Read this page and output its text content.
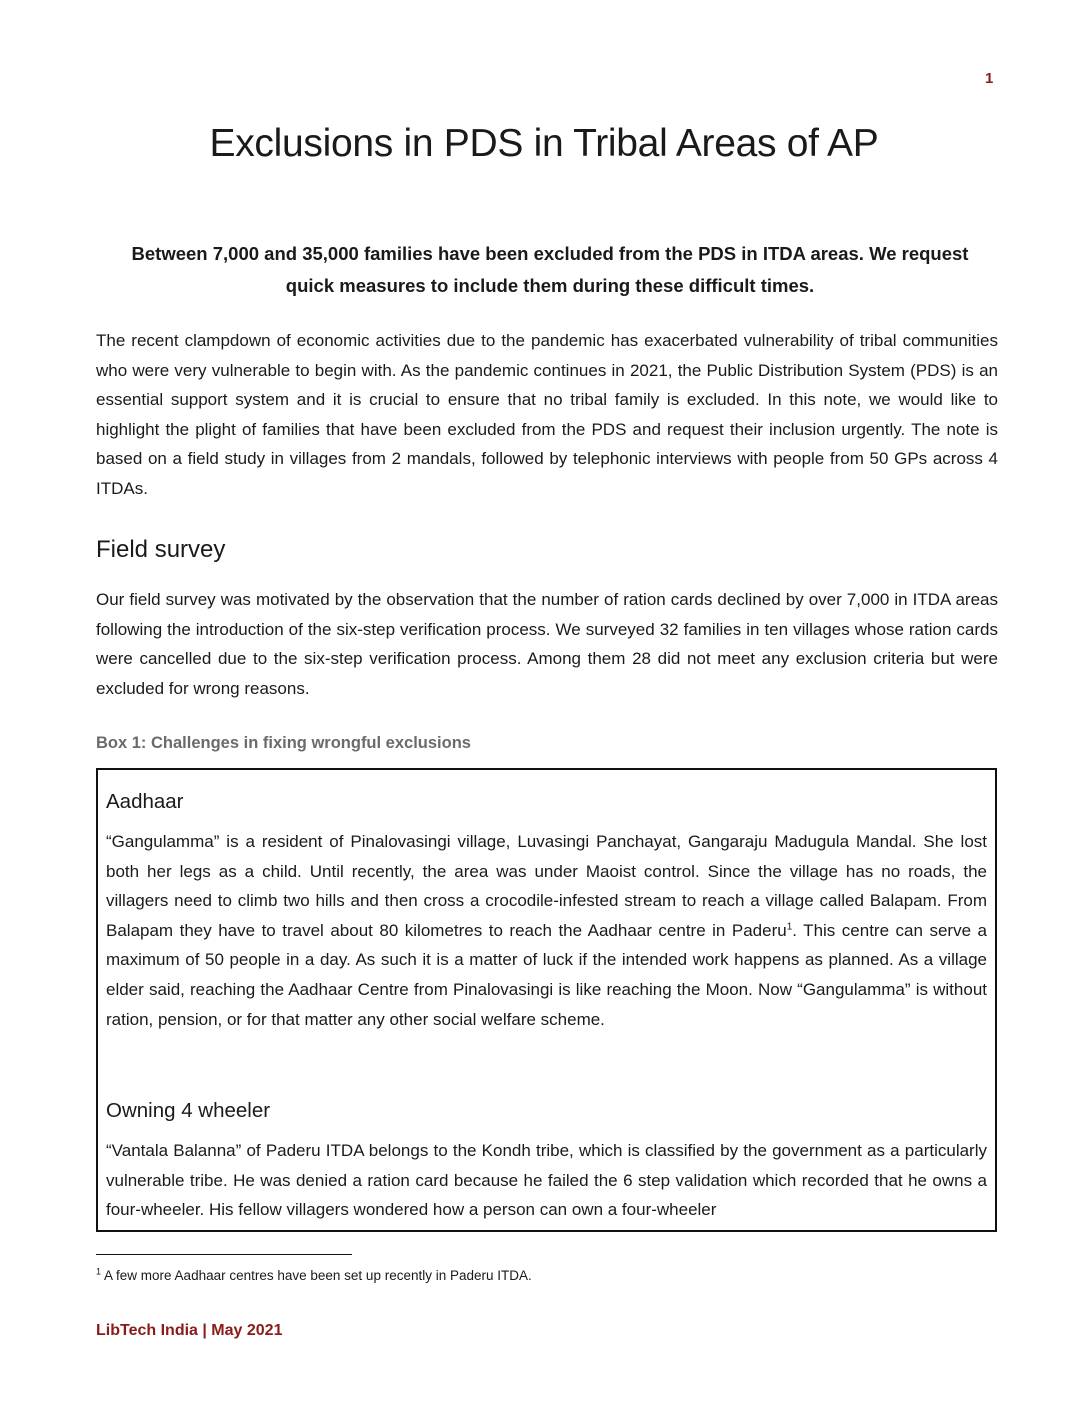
1
Exclusions in PDS in Tribal Areas of AP

Between 7,000 and 35,000 families have been excluded from the PDS in ITDA areas. We request quick measures to include them during these difficult times.

The recent clampdown of economic activities due to the pandemic has exacerbated vulnerability of tribal communities who were very vulnerable to begin with. As the pandemic continues in 2021, the Public Distribution System (PDS) is an essential support system and it is crucial to ensure that no tribal family is excluded. In this note, we would like to highlight the plight of families that have been excluded from the PDS and request their inclusion urgently. The note is based on a field study in villages from 2 mandals, followed by telephonic interviews with people from 50 GPs across 4 ITDAs.

Field survey

Our field survey was motivated by the observation that the number of ration cards declined by over 7,000 in ITDA areas following the introduction of the six-step verification process. We surveyed 32 families in ten villages whose ration cards were cancelled due to the six-step verification process. Among them 28 did not meet any exclusion criteria but were excluded for wrong reasons.

Box 1: Challenges in fixing wrongful exclusions
Aadhaar

“Gangulamma” is a resident of Pinalovasingi village, Luvasingi Panchayat, Gangaraju Madugula Mandal. She lost both her legs as a child. Until recently, the area was under Maoist control. Since the village has no roads, the villagers need to climb two hills and then cross a crocodile-infested stream to reach a village called Balapam. From Balapam they have to travel about 80 kilometres to reach the Aadhaar centre in Paderu$^1$. This centre can serve a maximum of 50 people in a day. As such it is a matter of luck if the intended work happens as planned. As a village elder said, reaching the Aadhaar Centre from Pinalovasingi is like reaching the Moon. Now “Gangulamma” is without ration, pension, or for that matter any other social welfare scheme.

Owning 4 wheeler

“Vantala Balanna” of Paderu ITDA belongs to the Kondh tribe, which is classified by the government as a particularly vulnerable tribe. He was denied a ration card because he failed the 6 step validation which recorded that he owns a four-wheeler. His fellow villagers wondered how a person can own a four-wheeler

$^1$ A few more Aadhaar centres have been set up recently in Paderu ITDA.

LibTech India | May 2021
